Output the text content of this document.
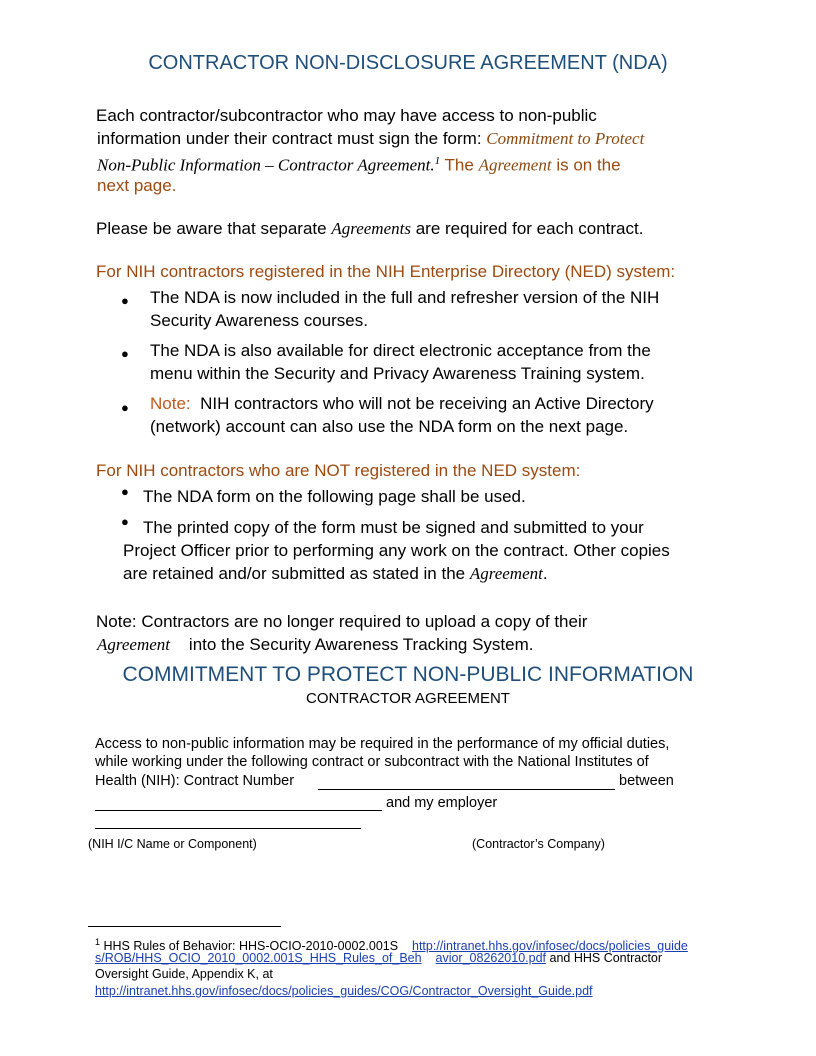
CONTRACTOR NON-DISCLOSURE AGREEMENT (NDA)
Each contractor/subcontractor who may have access to non-public
information under their contract must sign the form: Commitment to Protect
Non-Public Information – Contractor Agreement.$^1$ The Agreement is on the
next page.
Please be aware that separate Agreements are required for each contract.
For NIH contractors registered in the NIH Enterprise Directory (NED) system:
● The NDA is now included in the full and refresher version of the NIH
Security Awareness courses.
● The NDA is also available for direct electronic acceptance from the
menu within the Security and Privacy Awareness Training system.
● Note: NIH contractors who will not be receiving an Active Directory
(network) account can also use the NDA form on the next page.
For NIH contractors who are NOT registered in the NED system:
● The NDA form on the following page shall be used.
● The printed copy of the form must be signed and submitted to your
Project Officer prior to performing any work on the contract. Other copies
are retained and/or submitted as stated in the Agreement.
Note: Contractors are no longer required to upload a copy of their
Agreement into the Security Awareness Tracking System.
COMMITMENT TO PROTECT NON-PUBLIC INFORMATION
CONTRACTOR AGREEMENT
Access to non-public information may be required in the performance of my official duties,
while working under the following contract or subcontract with the National Institutes of
Health (NIH): Contract Number	between
and my employer
(NIH I/C Name or Component)	(Contractor’s Company)
$^1$ HHS Rules of Behavior: HHS-OCIO-2010-0002.001S http://intranet.hhs.gov/infosec/docs/policies_guide
s/ROB/HHS_OCIO_2010_0002.001S_HHS_Rules_of_Beh avior_08262010.pdf and HHS Contractor
Oversight Guide, Appendix K, at
http://intranet.hhs.gov/infosec/docs/policies_guides/COG/Contractor_Oversight_Guide.pdf
